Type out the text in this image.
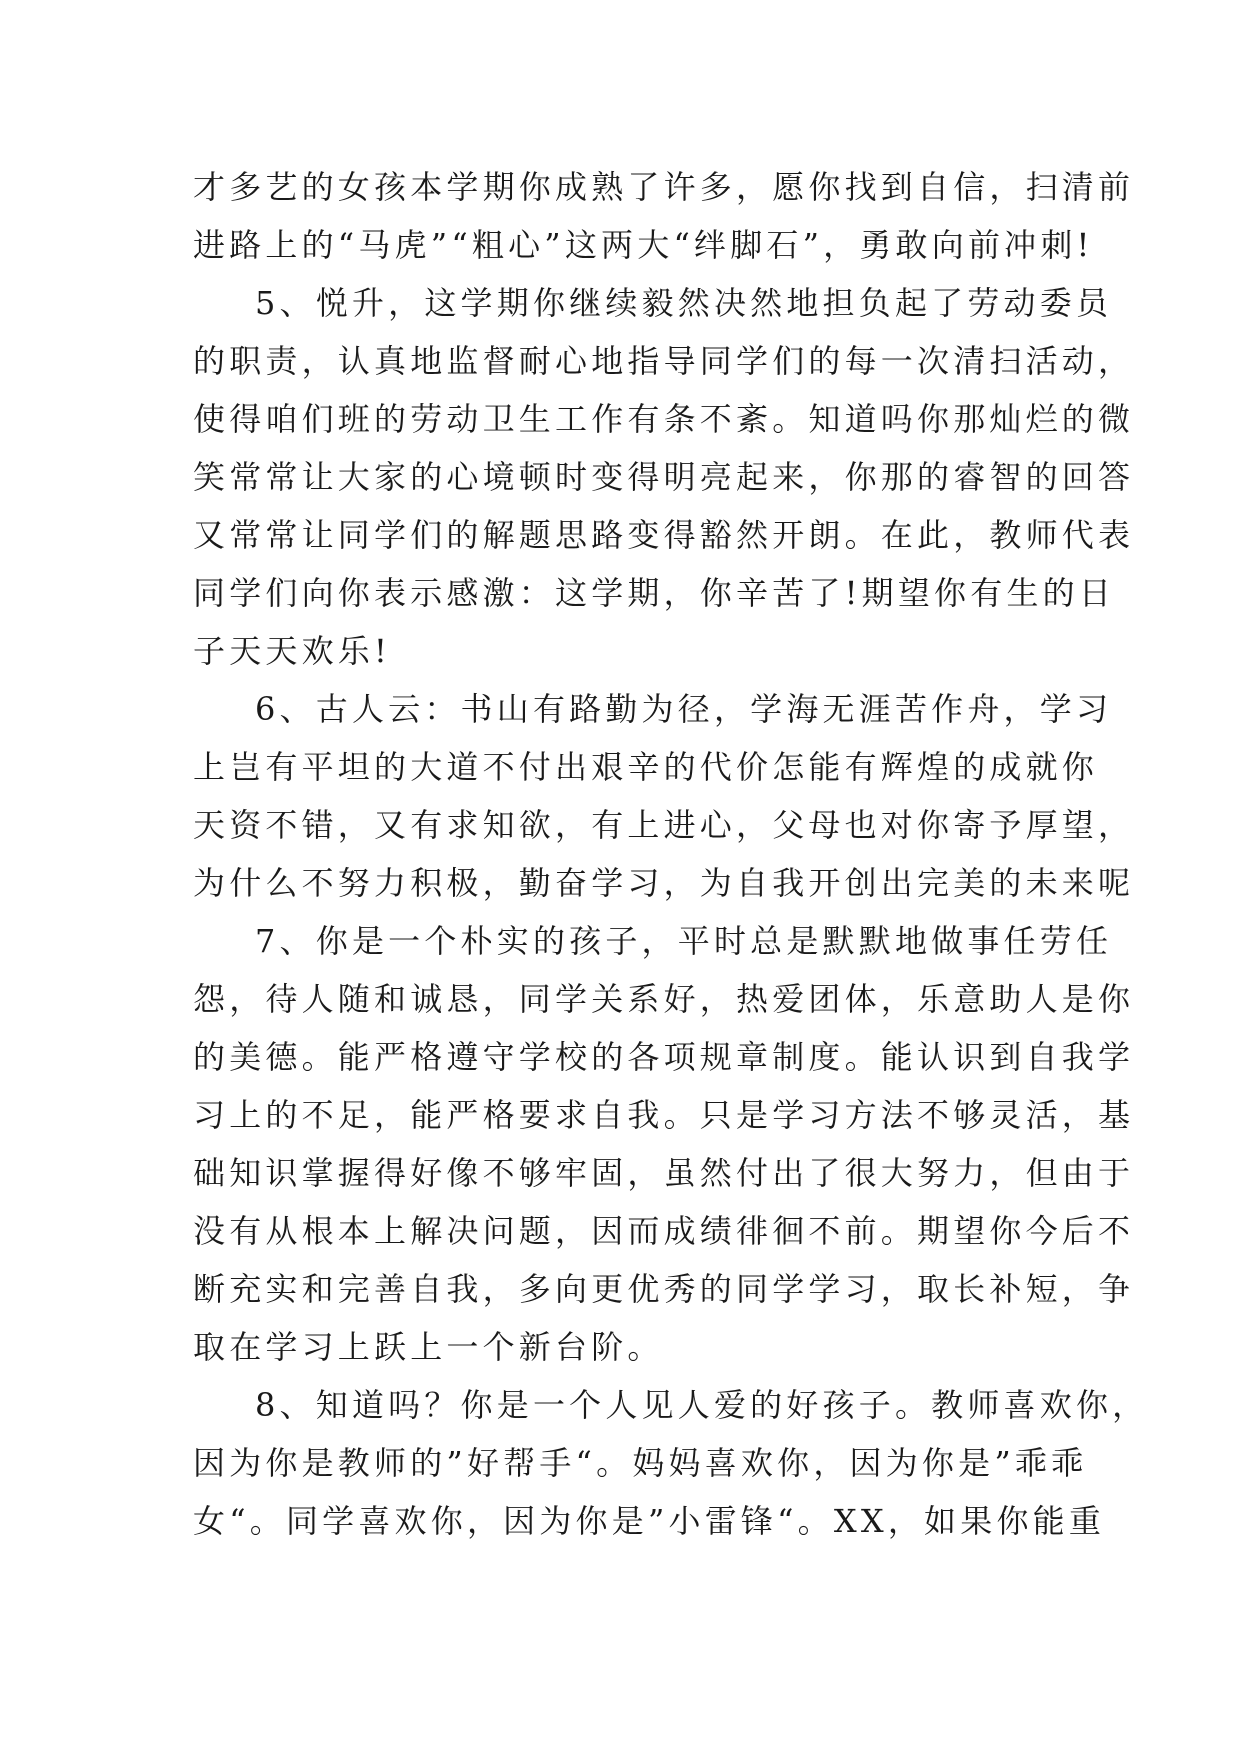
才多艺的女孩本学期你成熟了许多，愿你找到自信，扫清前
进路上的“马虎”“粗心”这两大“绊脚石”，勇敢向前冲刺!
5、悦升，这学期你继续毅然决然地担负起了劳动委员
的职责，认真地监督耐心地指导同学们的每一次清扫活动，
使得咱们班的劳动卫生工作有条不紊。知道吗你那灿烂的微
笑常常让大家的心境顿时变得明亮起来，你那的睿智的回答
又常常让同学们的解题思路变得豁然开朗。在此，教师代表
同学们向你表示感激：这学期，你辛苦了!期望你有生的日
子天天欢乐!
6、古人云：书山有路勤为径，学海无涯苦作舟，学习
上岂有平坦的大道不付出艰辛的代价怎能有辉煌的成就你
天资不错，又有求知欲，有上进心，父母也对你寄予厚望，
为什么不努力积极，勤奋学习，为自我开创出完美的未来呢
7、你是一个朴实的孩子，平时总是默默地做事任劳任
怨，待人随和诚恳，同学关系好，热爱团体，乐意助人是你
的美德。能严格遵守学校的各项规章制度。能认识到自我学
习上的不足，能严格要求自我。只是学习方法不够灵活，基
础知识掌握得好像不够牢固，虽然付出了很大努力，但由于
没有从根本上解决问题，因而成绩徘徊不前。期望你今后不
断充实和完善自我，多向更优秀的同学学习，取长补短，争
取在学习上跃上一个新台阶。
8、知道吗？你是一个人见人爱的好孩子。教师喜欢你，
因为你是教师的”好帮手“。妈妈喜欢你，因为你是”乖乖
女“。同学喜欢你，因为你是”小雷锋“。XX，如果你能重
